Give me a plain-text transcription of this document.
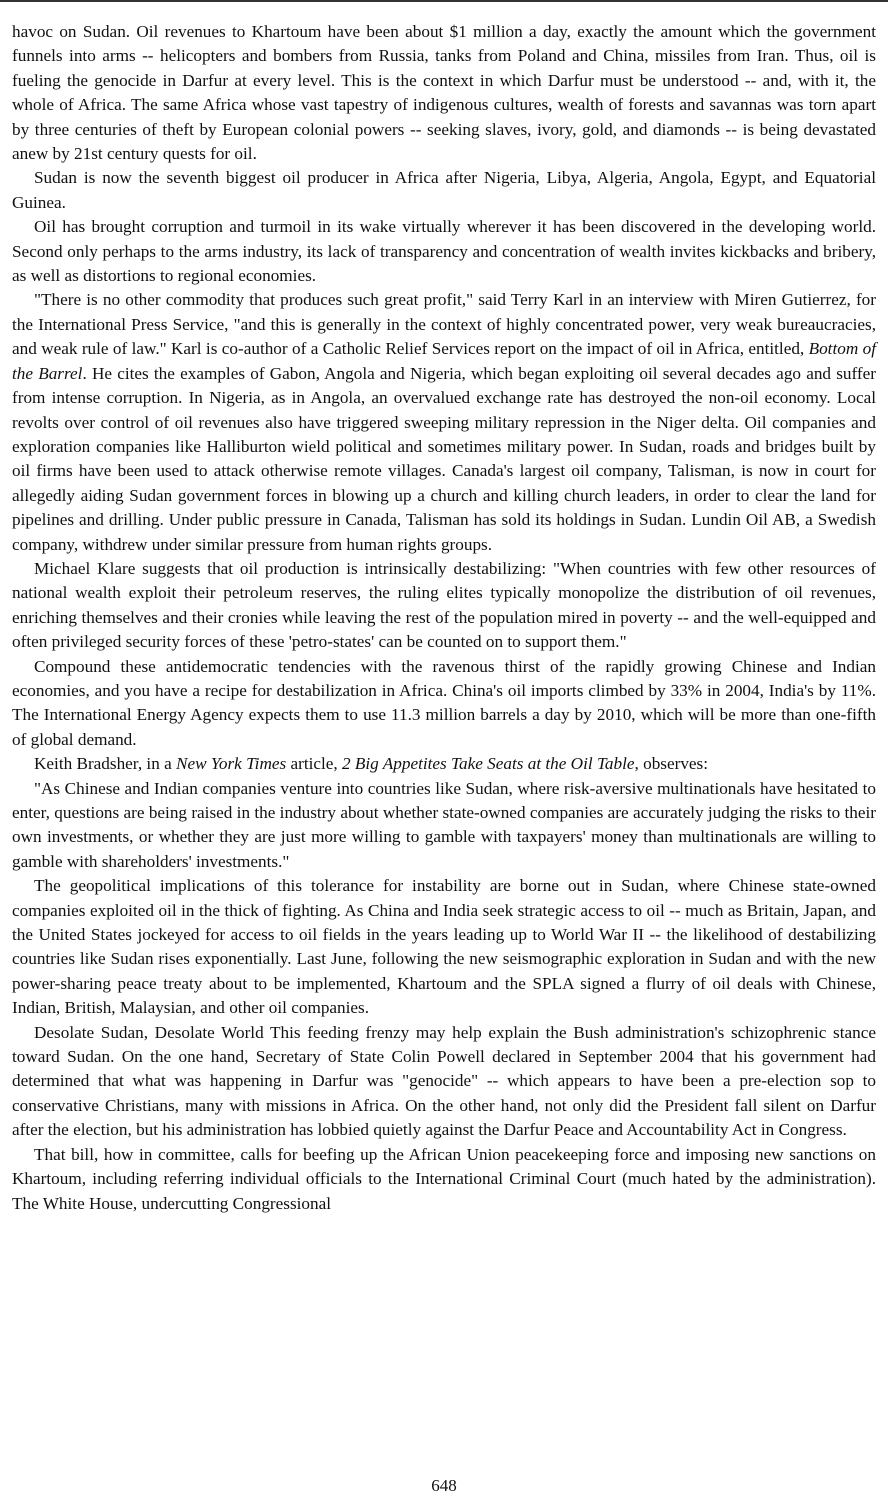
havoc on Sudan. Oil revenues to Khartoum have been about $1 million a day, exactly the amount which the government funnels into arms -- helicopters and bombers from Russia, tanks from Poland and China, missiles from Iran. Thus, oil is fueling the genocide in Darfur at every level. This is the context in which Darfur must be understood -- and, with it, the whole of Africa. The same Africa whose vast tapestry of indigenous cultures, wealth of forests and savannas was torn apart by three centuries of theft by European colonial powers -- seeking slaves, ivory, gold, and diamonds -- is being devastated anew by 21st century quests for oil.

Sudan is now the seventh biggest oil producer in Africa after Nigeria, Libya, Algeria, Angola, Egypt, and Equatorial Guinea.

Oil has brought corruption and turmoil in its wake virtually wherever it has been discovered in the developing world. Second only perhaps to the arms industry, its lack of transparency and concentration of wealth invites kickbacks and bribery, as well as distortions to regional economies.

"There is no other commodity that produces such great profit," said Terry Karl in an interview with Miren Gutierrez, for the International Press Service, "and this is generally in the context of highly concentrated power, very weak bureaucracies, and weak rule of law." Karl is co-author of a Catholic Relief Services report on the impact of oil in Africa, entitled, Bottom of the Barrel. He cites the examples of Gabon, Angola and Nigeria, which began exploiting oil several decades ago and suffer from intense corruption. In Nigeria, as in Angola, an overvalued exchange rate has destroyed the non-oil economy. Local revolts over control of oil revenues also have triggered sweeping military repression in the Niger delta. Oil companies and exploration companies like Halliburton wield political and sometimes military power. In Sudan, roads and bridges built by oil firms have been used to attack otherwise remote villages. Canada's largest oil company, Talisman, is now in court for allegedly aiding Sudan government forces in blowing up a church and killing church leaders, in order to clear the land for pipelines and drilling. Under public pressure in Canada, Talisman has sold its holdings in Sudan. Lundin Oil AB, a Swedish company, withdrew under similar pressure from human rights groups.

Michael Klare suggests that oil production is intrinsically destabilizing: "When countries with few other resources of national wealth exploit their petroleum reserves, the ruling elites typically monopolize the distribution of oil revenues, enriching themselves and their cronies while leaving the rest of the population mired in poverty -- and the well-equipped and often privileged security forces of these 'petro-states' can be counted on to support them."

Compound these antidemocratic tendencies with the ravenous thirst of the rapidly growing Chinese and Indian economies, and you have a recipe for destabilization in Africa. China's oil imports climbed by 33% in 2004, India's by 11%. The International Energy Agency expects them to use 11.3 million barrels a day by 2010, which will be more than one-fifth of global demand.

Keith Bradsher, in a New York Times article, 2 Big Appetites Take Seats at the Oil Table, observes:

"As Chinese and Indian companies venture into countries like Sudan, where risk-aversive multinationals have hesitated to enter, questions are being raised in the industry about whether state-owned companies are accurately judging the risks to their own investments, or whether they are just more willing to gamble with taxpayers' money than multinationals are willing to gamble with shareholders' investments."

The geopolitical implications of this tolerance for instability are borne out in Sudan, where Chinese state-owned companies exploited oil in the thick of fighting. As China and India seek strategic access to oil -- much as Britain, Japan, and the United States jockeyed for access to oil fields in the years leading up to World War II -- the likelihood of destabilizing countries like Sudan rises exponentially. Last June, following the new seismographic exploration in Sudan and with the new power-sharing peace treaty about to be implemented, Khartoum and the SPLA signed a flurry of oil deals with Chinese, Indian, British, Malaysian, and other oil companies.

Desolate Sudan, Desolate World This feeding frenzy may help explain the Bush administration's schizophrenic stance toward Sudan. On the one hand, Secretary of State Colin Powell declared in September 2004 that his government had determined that what was happening in Darfur was "genocide" -- which appears to have been a pre-election sop to conservative Christians, many with missions in Africa. On the other hand, not only did the President fall silent on Darfur after the election, but his administration has lobbied quietly against the Darfur Peace and Accountability Act in Congress.

That bill, how in committee, calls for beefing up the African Union peacekeeping force and imposing new sanctions on Khartoum, including referring individual officials to the International Criminal Court (much hated by the administration). The White House, undercutting Congressional

648
